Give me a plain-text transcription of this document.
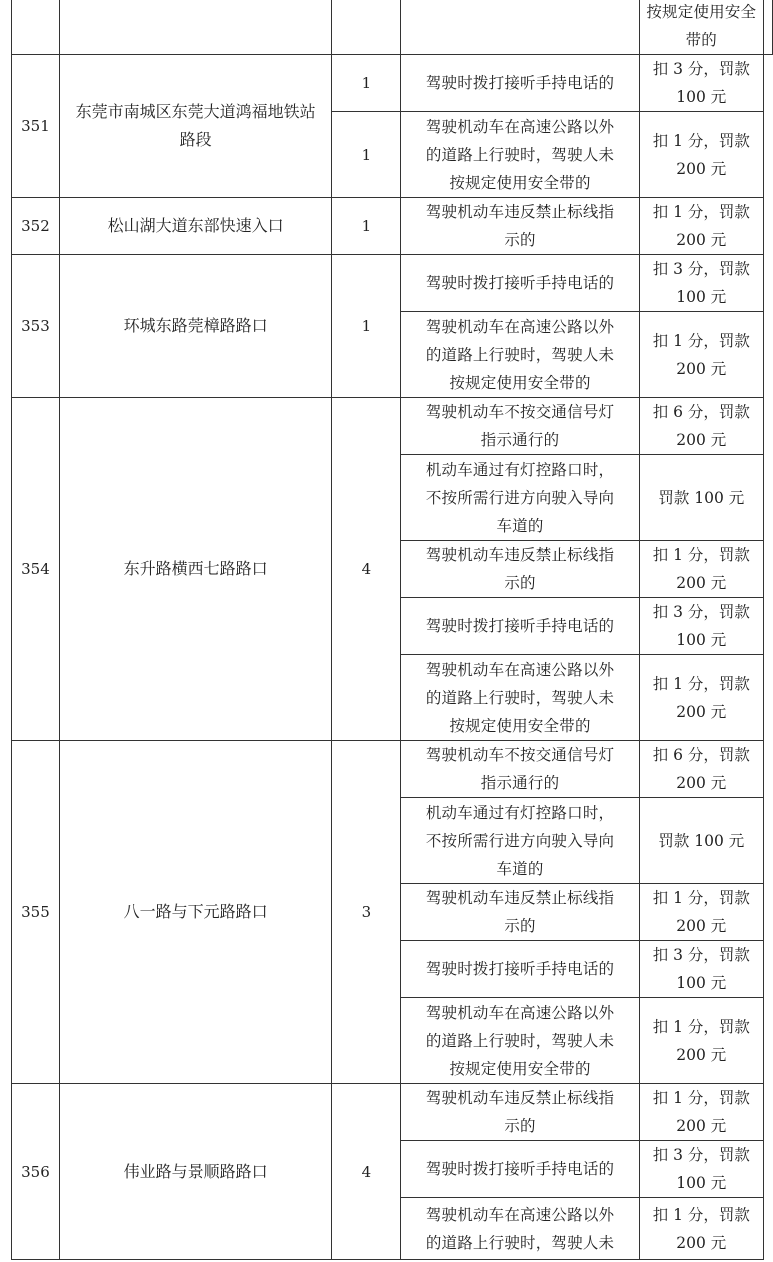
				按规定使用安全带的	

351	东莞市南城区东莞大道鸿福地铁站路段	1	驾驶时拨打接听手持电话的	扣 3 分，罚款
100 元	

		1	驾驶机动车在高速公路以外
的道路上行驶时，驾驶人未
按规定使用安全带的	扣 1 分，罚款
200 元	

352	松山湖大道东部快速入口	1	驾驶机动车违反禁止标线指
示的	扣 1 分，罚款
200 元	

353	环城东路莞樟路路口	1	驾驶时拨打接听手持电话的	扣 3 分，罚款
100 元	

			驾驶机动车在高速公路以外
的道路上行驶时，驾驶人未
按规定使用安全带的	扣 1 分，罚款
200 元	

354	东升路横西七路路口	4	驾驶机动车不按交通信号灯
指示通行的	扣 6 分，罚款
200 元	

			机动车通过有灯控路口时，
不按所需行进方向驶入导向
车道的	罚款 100 元	

			驾驶机动车违反禁止标线指
示的	扣 1 分，罚款
200 元	

			驾驶时拨打接听手持电话的	扣 3 分，罚款
100 元	

			驾驶机动车在高速公路以外
的道路上行驶时，驾驶人未
按规定使用安全带的	扣 1 分，罚款
200 元	

355	八一路与下元路路口	3	驾驶机动车不按交通信号灯
指示通行的	扣 6 分，罚款
200 元	

			机动车通过有灯控路口时，
不按所需行进方向驶入导向
车道的	罚款 100 元	

			驾驶机动车违反禁止标线指
示的	扣 1 分，罚款
200 元	

			驾驶时拨打接听手持电话的	扣 3 分，罚款
100 元	

			驾驶机动车在高速公路以外
的道路上行驶时，驾驶人未
按规定使用安全带的	扣 1 分，罚款
200 元	

356	伟业路与景顺路路口	4	驾驶机动车违反禁止标线指
示的	扣 1 分，罚款
200 元	

			驾驶时拨打接听手持电话的	扣 3 分，罚款
100 元	

			驾驶机动车在高速公路以外
的道路上行驶时，驾驶人未	扣 1 分，罚款
200 元	
